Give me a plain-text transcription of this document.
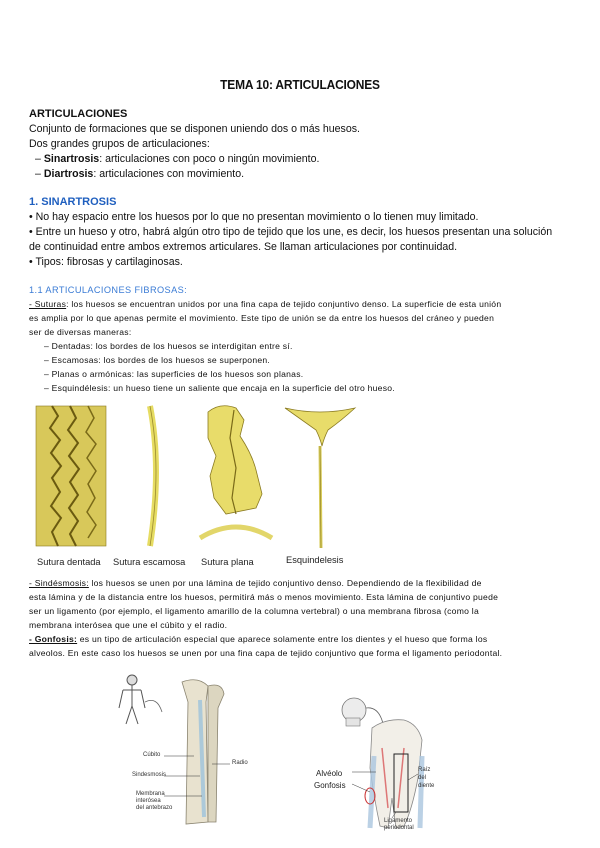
TEMA 10: ARTICULACIONES
ARTICULACIONES
Conjunto de formaciones que se disponen uniendo dos o más huesos.
Dos grandes grupos de articulaciones:
– Sinartrosis: articulaciones con poco o ningún movimiento.
– Diartrosis: articulaciones con movimiento.
1. SINARTROSIS
• No hay espacio entre los huesos por lo que no presentan movimiento o lo tienen muy limitado.
• Entre un hueso y otro, habrá algún otro tipo de tejido que los une, es decir, los huesos presentan una solución
de continuidad entre ambos extremos articulares. Se llaman articulaciones por continuidad.
• Tipos: fibrosas y cartilaginosas.
1.1 ARTICULACIONES FIBROSAS:
- Suturas: los huesos se encuentran unidos por una fina capa de tejido conjuntivo denso. La superficie de esta unión
es amplia por lo que apenas permite el movimiento. Este tipo de unión se da entre los huesos del cráneo y pueden
ser de diversas maneras:
– Dentadas: los bordes de los huesos se interdigitan entre sí.
– Escamosas: los bordes de los huesos se superponen.
– Planas o armónicas: las superficies de los huesos son planas.
– Esquindélesis: un hueso tiene un saliente que encaja en la superficie del otro hueso.
Sutura dentada Sutura escamosa Sutura plana	Esquindelesis
- Sindésmosis: los huesos se unen por una lámina de tejido conjuntivo denso. Dependiendo de la flexibilidad de
esta lámina y de la distancia entre los huesos, permitirá más o menos movimiento. Esta lámina de conjuntivo puede
ser un ligamento (por ejemplo, el ligamento amarillo de la columna vertebral) o una membrana fibrosa (como la
membrana interósea que une el cúbito y el radio.
- Gonfosis: es un tipo de articulación especial que aparece solamente entre los dientes y el hueso que forma los
alveolos. En este caso los huesos se unen por una fina capa de tejido conjuntivo que forma el ligamento periodontal.
Cúbito
Radio
Sindesmosis
Membrana
interósea
del antebrazo
Alvéolo
Gonfosis
Raíz
del
diente
Ligamento
periodontal
